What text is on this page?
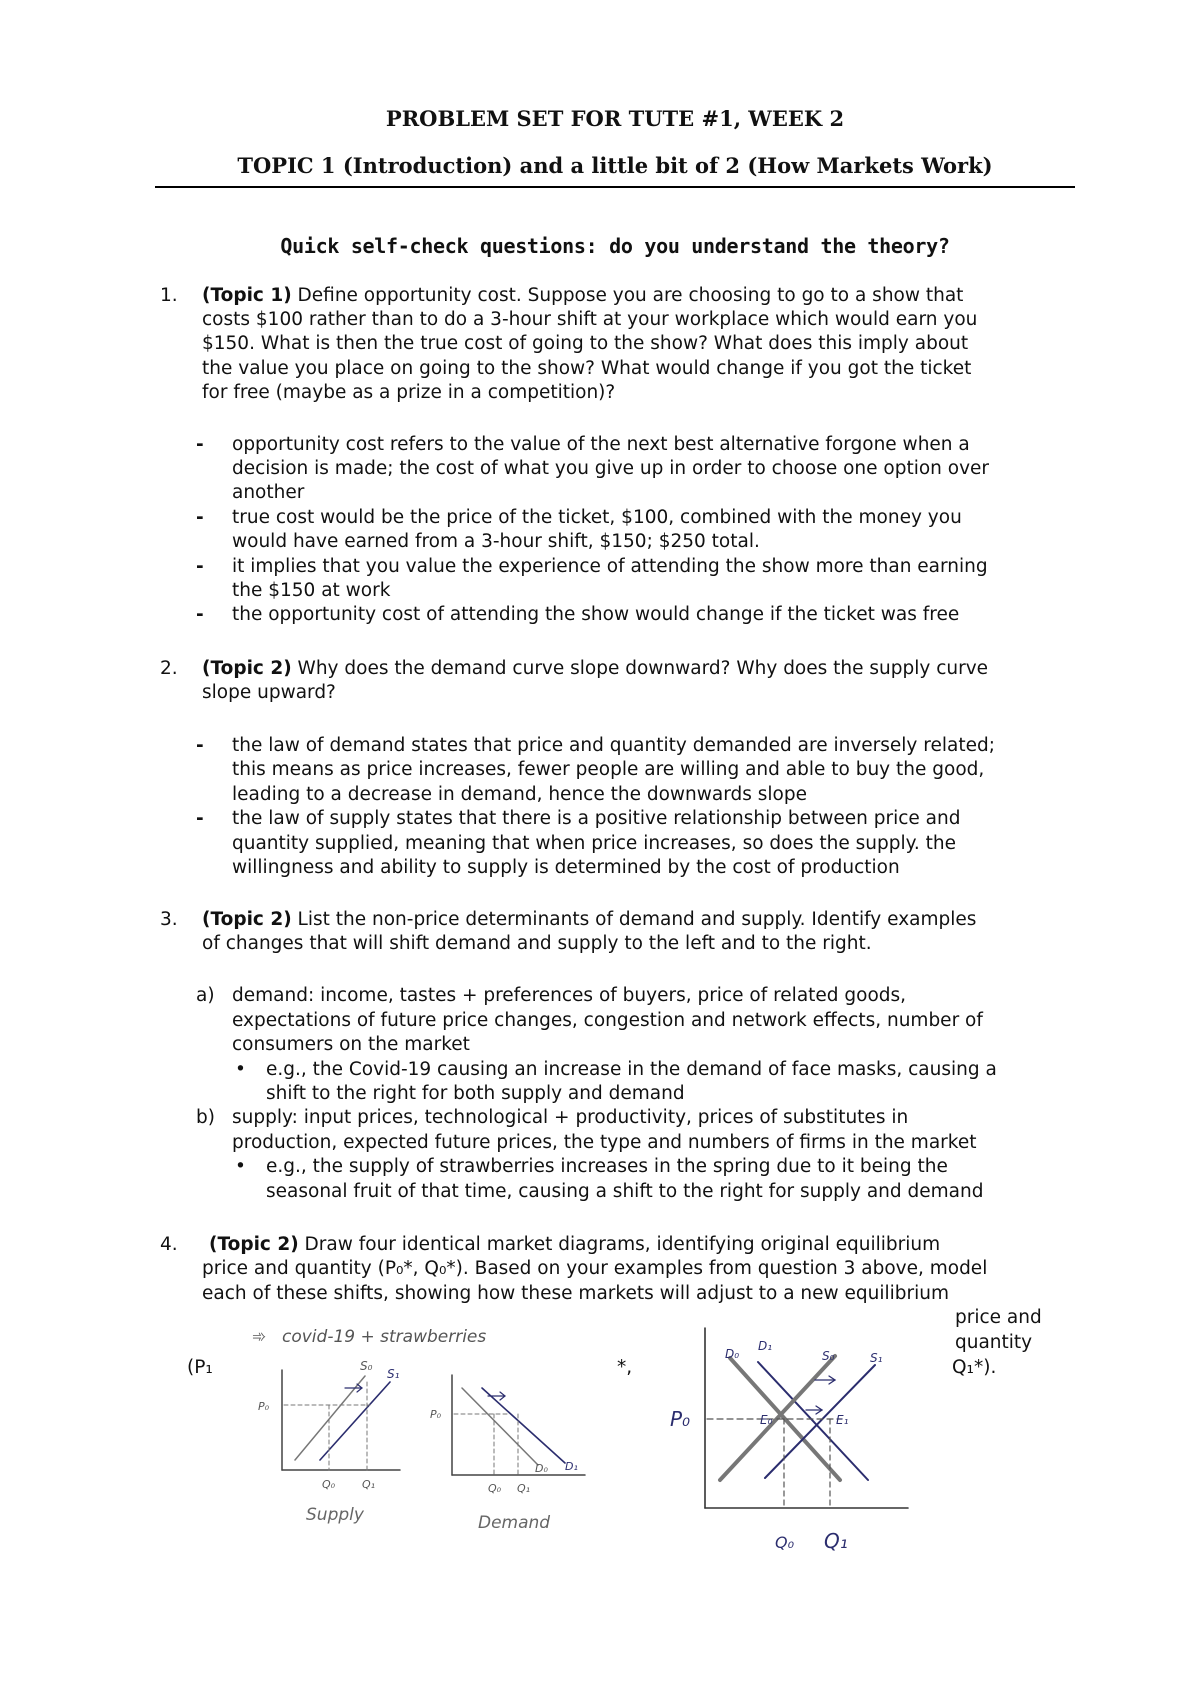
PROBLEM SET FOR TUTE #1, WEEK 2
TOPIC 1 (Introduction) and a little bit of 2 (How Markets Work)
Quick self-check questions: do you understand the theory?
1. (Topic 1) Define opportunity cost. Suppose you are choosing to go to a show that
costs $100 rather than to do a 3-hour shift at your workplace which would earn you
$150. What is then the true cost of going to the show? What does this imply about
the value you place on going to the show? What would change if you got the ticket
for free (maybe as a prize in a competition)?
- opportunity cost refers to the value of the next best alternative forgone when a
decision is made; the cost of what you give up in order to choose one option over
another
- true cost would be the price of the ticket, $100, combined with the money you
would have earned from a 3-hour shift, $150; $250 total.
- it implies that you value the experience of attending the show more than earning
the $150 at work
- the opportunity cost of attending the show would change if the ticket was free
2. (Topic 2) Why does the demand curve slope downward? Why does the supply curve
slope upward?
- the law of demand states that price and quantity demanded are inversely related;
this means as price increases, fewer people are willing and able to buy the good,
leading to a decrease in demand, hence the downwards slope
- the law of supply states that there is a positive relationship between price and
quantity supplied, meaning that when price increases, so does the supply. the
willingness and ability to supply is determined by the cost of production
3. (Topic 2) List the non-price determinants of demand and supply. Identify examples
of changes that will shift demand and supply to the left and to the right.
a) demand: income, tastes + preferences of buyers, price of related goods,
expectations of future price changes, congestion and network effects, number of
consumers on the market
• e.g., the Covid-19 causing an increase in the demand of face masks, causing a
shift to the right for both supply and demand
b) supply: input prices, technological + productivity, prices of substitutes in
production, expected future prices, the type and numbers of firms in the market
• e.g., the supply of strawberries increases in the spring due to it being the
seasonal fruit of that time, causing a shift to the right for supply and demand
4. (Topic 2) Draw four identical market diagrams, identifying original equilibrium
price and quantity (P₀*, Q₀*). Based on your examples from question 3 above, model
each of these shifts, showing how these markets will adjust to a new equilibrium
price and
quantity
(P₁	*,	Q₁*).
➾ covid-19 + strawberries
S₀
S₁
P₀
Q₀ Q₁
Supply
D₀ D₁
P₀
Q₀ Q₁
Demand
D₀
D₁
S₀	S₁
E₀	E₁
P₀
Q₀ Q₁
